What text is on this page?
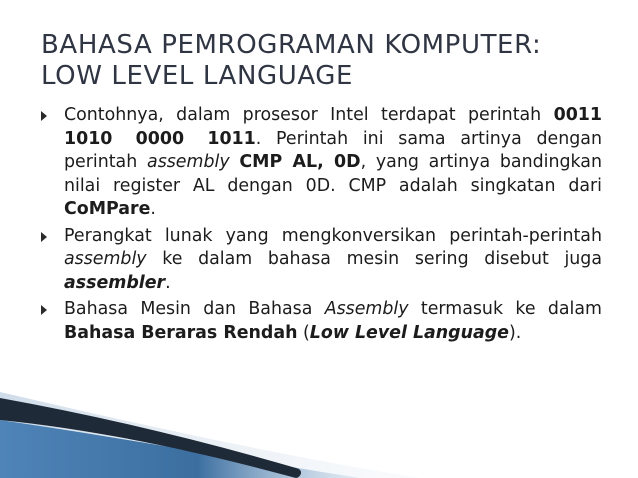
BAHASA PEMROGRAMAN KOMPUTER:
LOW LEVEL LANGUAGE
Contohnya, dalam prosesor Intel terdapat perintah 0011 1010 0000 1011. Perintah ini sama artinya dengan perintah assembly CMP AL, 0D, yang artinya bandingkan nilai register AL dengan 0D. CMP adalah singkatan dari CoMPare.
Perangkat lunak yang mengkonversikan perintah-perintah assembly ke dalam bahasa mesin sering disebut juga assembler.
Bahasa Mesin dan Bahasa Assembly termasuk ke dalam Bahasa Beraras Rendah (Low Level Language).
